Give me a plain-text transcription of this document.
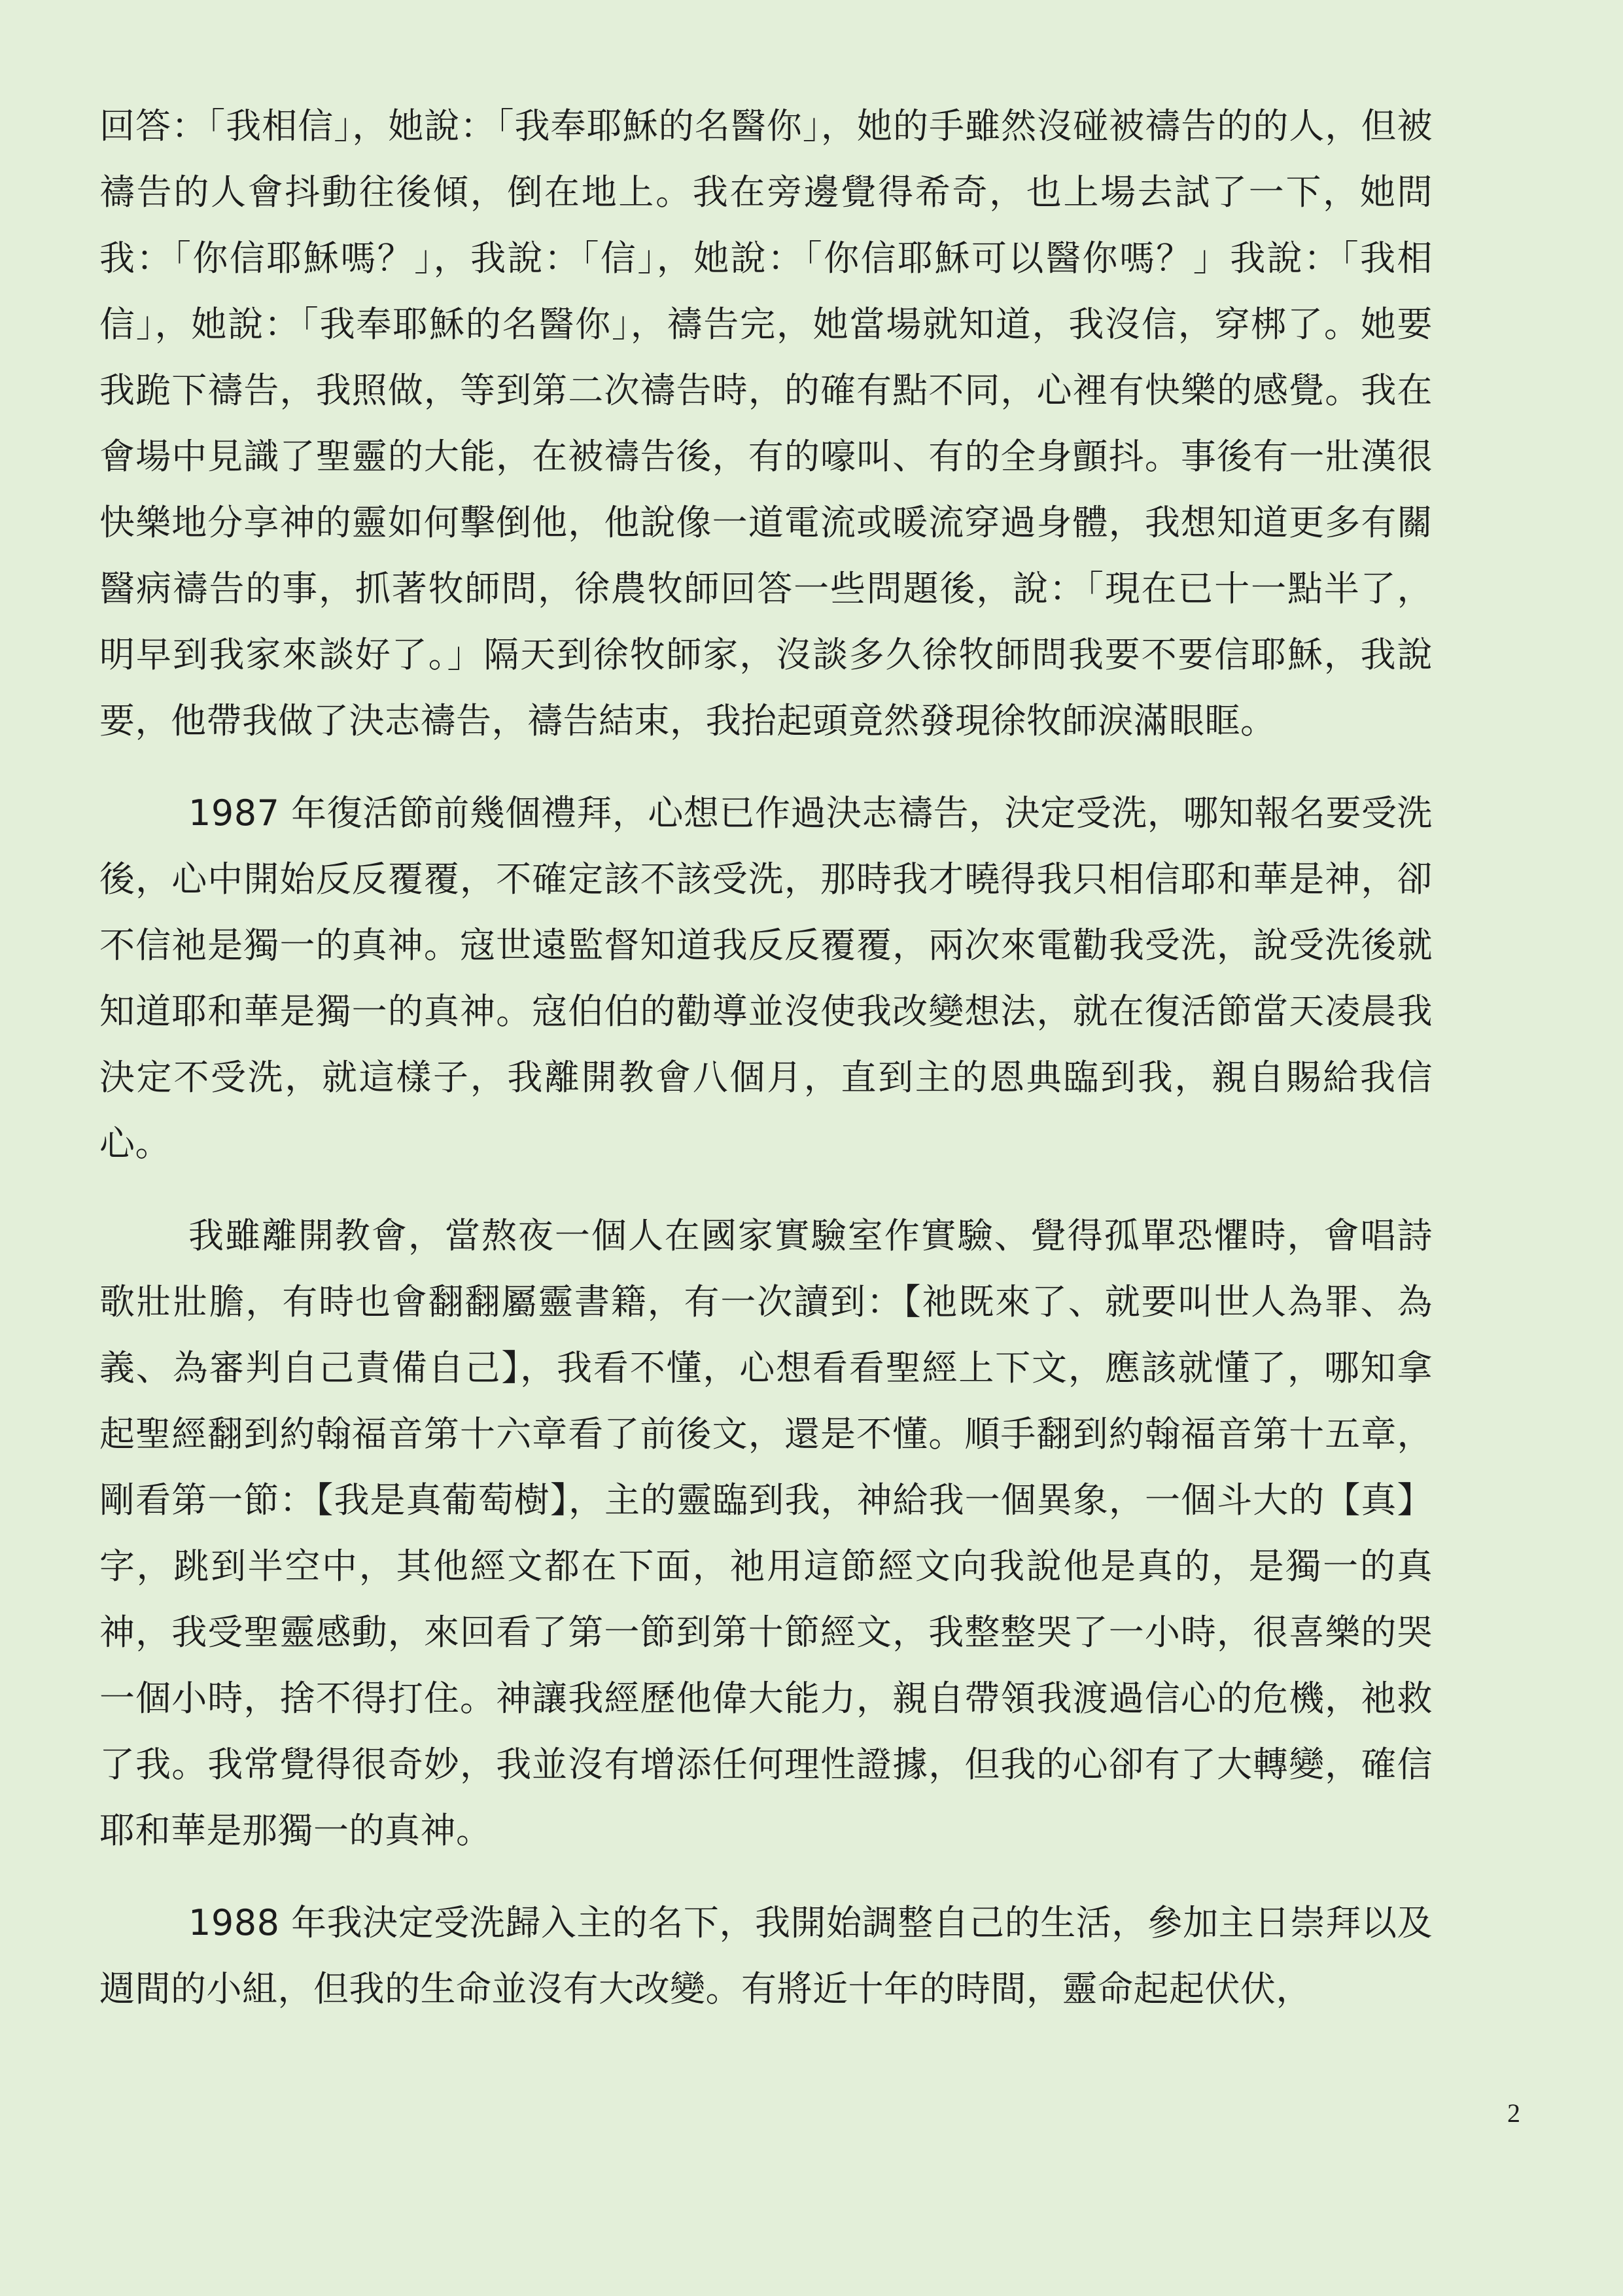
回答：「我相信」，她說：「我奉耶穌的名醫你」，她的手雖然沒碰被禱告的的人，但被禱告的人會抖動往後傾，倒在地上。我在旁邊覺得希奇，也上場去試了一下，她問我：「你信耶穌嗎？」，我說：「信」，她說：「你信耶穌可以醫你嗎？」我說：「我相信」，她說：「我奉耶穌的名醫你」，禱告完，她當場就知道，我沒信，穿梆了。她要我跪下禱告，我照做，等到第二次禱告時，的確有點不同，心裡有快樂的感覺。我在會場中見識了聖靈的大能，在被禱告後，有的嚎叫、有的全身顫抖。事後有一壯漢很快樂地分享神的靈如何擊倒他，他說像一道電流或暖流穿過身體，我想知道更多有關醫病禱告的事，抓著牧師問，徐農牧師回答一些問題後，說：「現在已十一點半了，明早到我家來談好了。」隔天到徐牧師家，沒談多久徐牧師問我要不要信耶穌，我說要，他帶我做了決志禱告，禱告結束，我抬起頭竟然發現徐牧師淚滿眼眶。

1987 年復活節前幾個禮拜，心想已作過決志禱告，決定受洗，哪知報名要受洗後，心中開始反反覆覆，不確定該不該受洗，那時我才曉得我只相信耶和華是神，卻不信祂是獨一的真神。寇世遠監督知道我反反覆覆，兩次來電勸我受洗，說受洗後就知道耶和華是獨一的真神。寇伯伯的勸導並沒使我改變想法，就在復活節當天凌晨我決定不受洗，就這樣子，我離開教會八個月，直到主的恩典臨到我，親自賜給我信心。

我雖離開教會，當熬夜一個人在國家實驗室作實驗、覺得孤單恐懼時，會唱詩歌壯壯膽，有時也會翻翻屬靈書籍，有一次讀到：【祂既來了、就要叫世人為罪、為義、為審判自己責備自己】，我看不懂，心想看看聖經上下文，應該就懂了，哪知拿起聖經翻到約翰福音第十六章看了前後文，還是不懂。順手翻到約翰福音第十五章，剛看第一節：【我是真葡萄樹】，主的靈臨到我，神給我一個異象，一個斗大的【真】字，跳到半空中，其他經文都在下面，祂用這節經文向我說他是真的，是獨一的真神，我受聖靈感動，來回看了第一節到第十節經文，我整整哭了一小時，很喜樂的哭一個小時，捨不得打住。神讓我經歷他偉大能力，親自帶領我渡過信心的危機，祂救了我。我常覺得很奇妙，我並沒有增添任何理性證據，但我的心卻有了大轉變，確信耶和華是那獨一的真神。

1988 年我決定受洗歸入主的名下，我開始調整自己的生活，參加主日崇拜以及週間的小組，但我的生命並沒有大改變。有將近十年的時間，靈命起起伏伏，

2
